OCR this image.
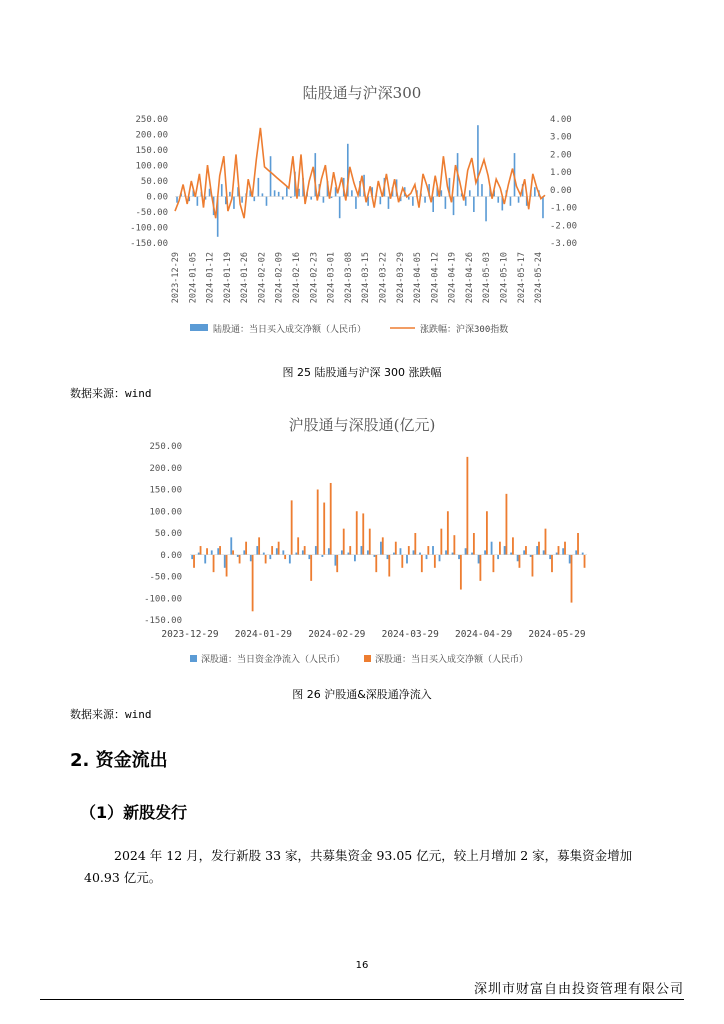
陆股通与沪深300
250.00
200.00
150.00
100.00
50.00
0.00
-50.00
-100.00
-150.00
4.00
3.00
2.00
1.00
0.00
-1.00
-2.00
-3.00
2023-12-29 2024-01-05 2024-01-12 2024-01-19 2024-01-26 2024-02-02 2024-02-09 2024-02-16 2024-02-23 2024-03-01 2024-03-08 2024-03-15 2024-03-22 2024-03-29 2024-04-05 2024-04-12 2024-04-19 2024-04-26 2024-05-03 2024-05-10 2024-05-17 2024-05-24
陆股通：当日买入成交净额（人民币）	涨跌幅：沪深300指数
图 25 陆股通与沪深 300 涨跌幅
数据来源：wind
沪股通与深股通(亿元)
250.00
200.00
150.00
100.00
50.00
0.00
-50.00
-100.00
-150.00
2023-12-29 2024-01-29 2024-02-29 2024-03-29 2024-04-29 2024-05-29
深股通：当日资金净流入（人民币）	深股通：当日买入成交净额（人民币）
图 26 沪股通&深股通净流入
数据来源：wind
2. 资金流出
（1）新股发行
2024 年 12 月，发行新股 33 家，共募集资金 93.05 亿元，较上月增加 2 家，募集资金增加 40.93 亿元。
16
深圳市财富自由投资管理有限公司
